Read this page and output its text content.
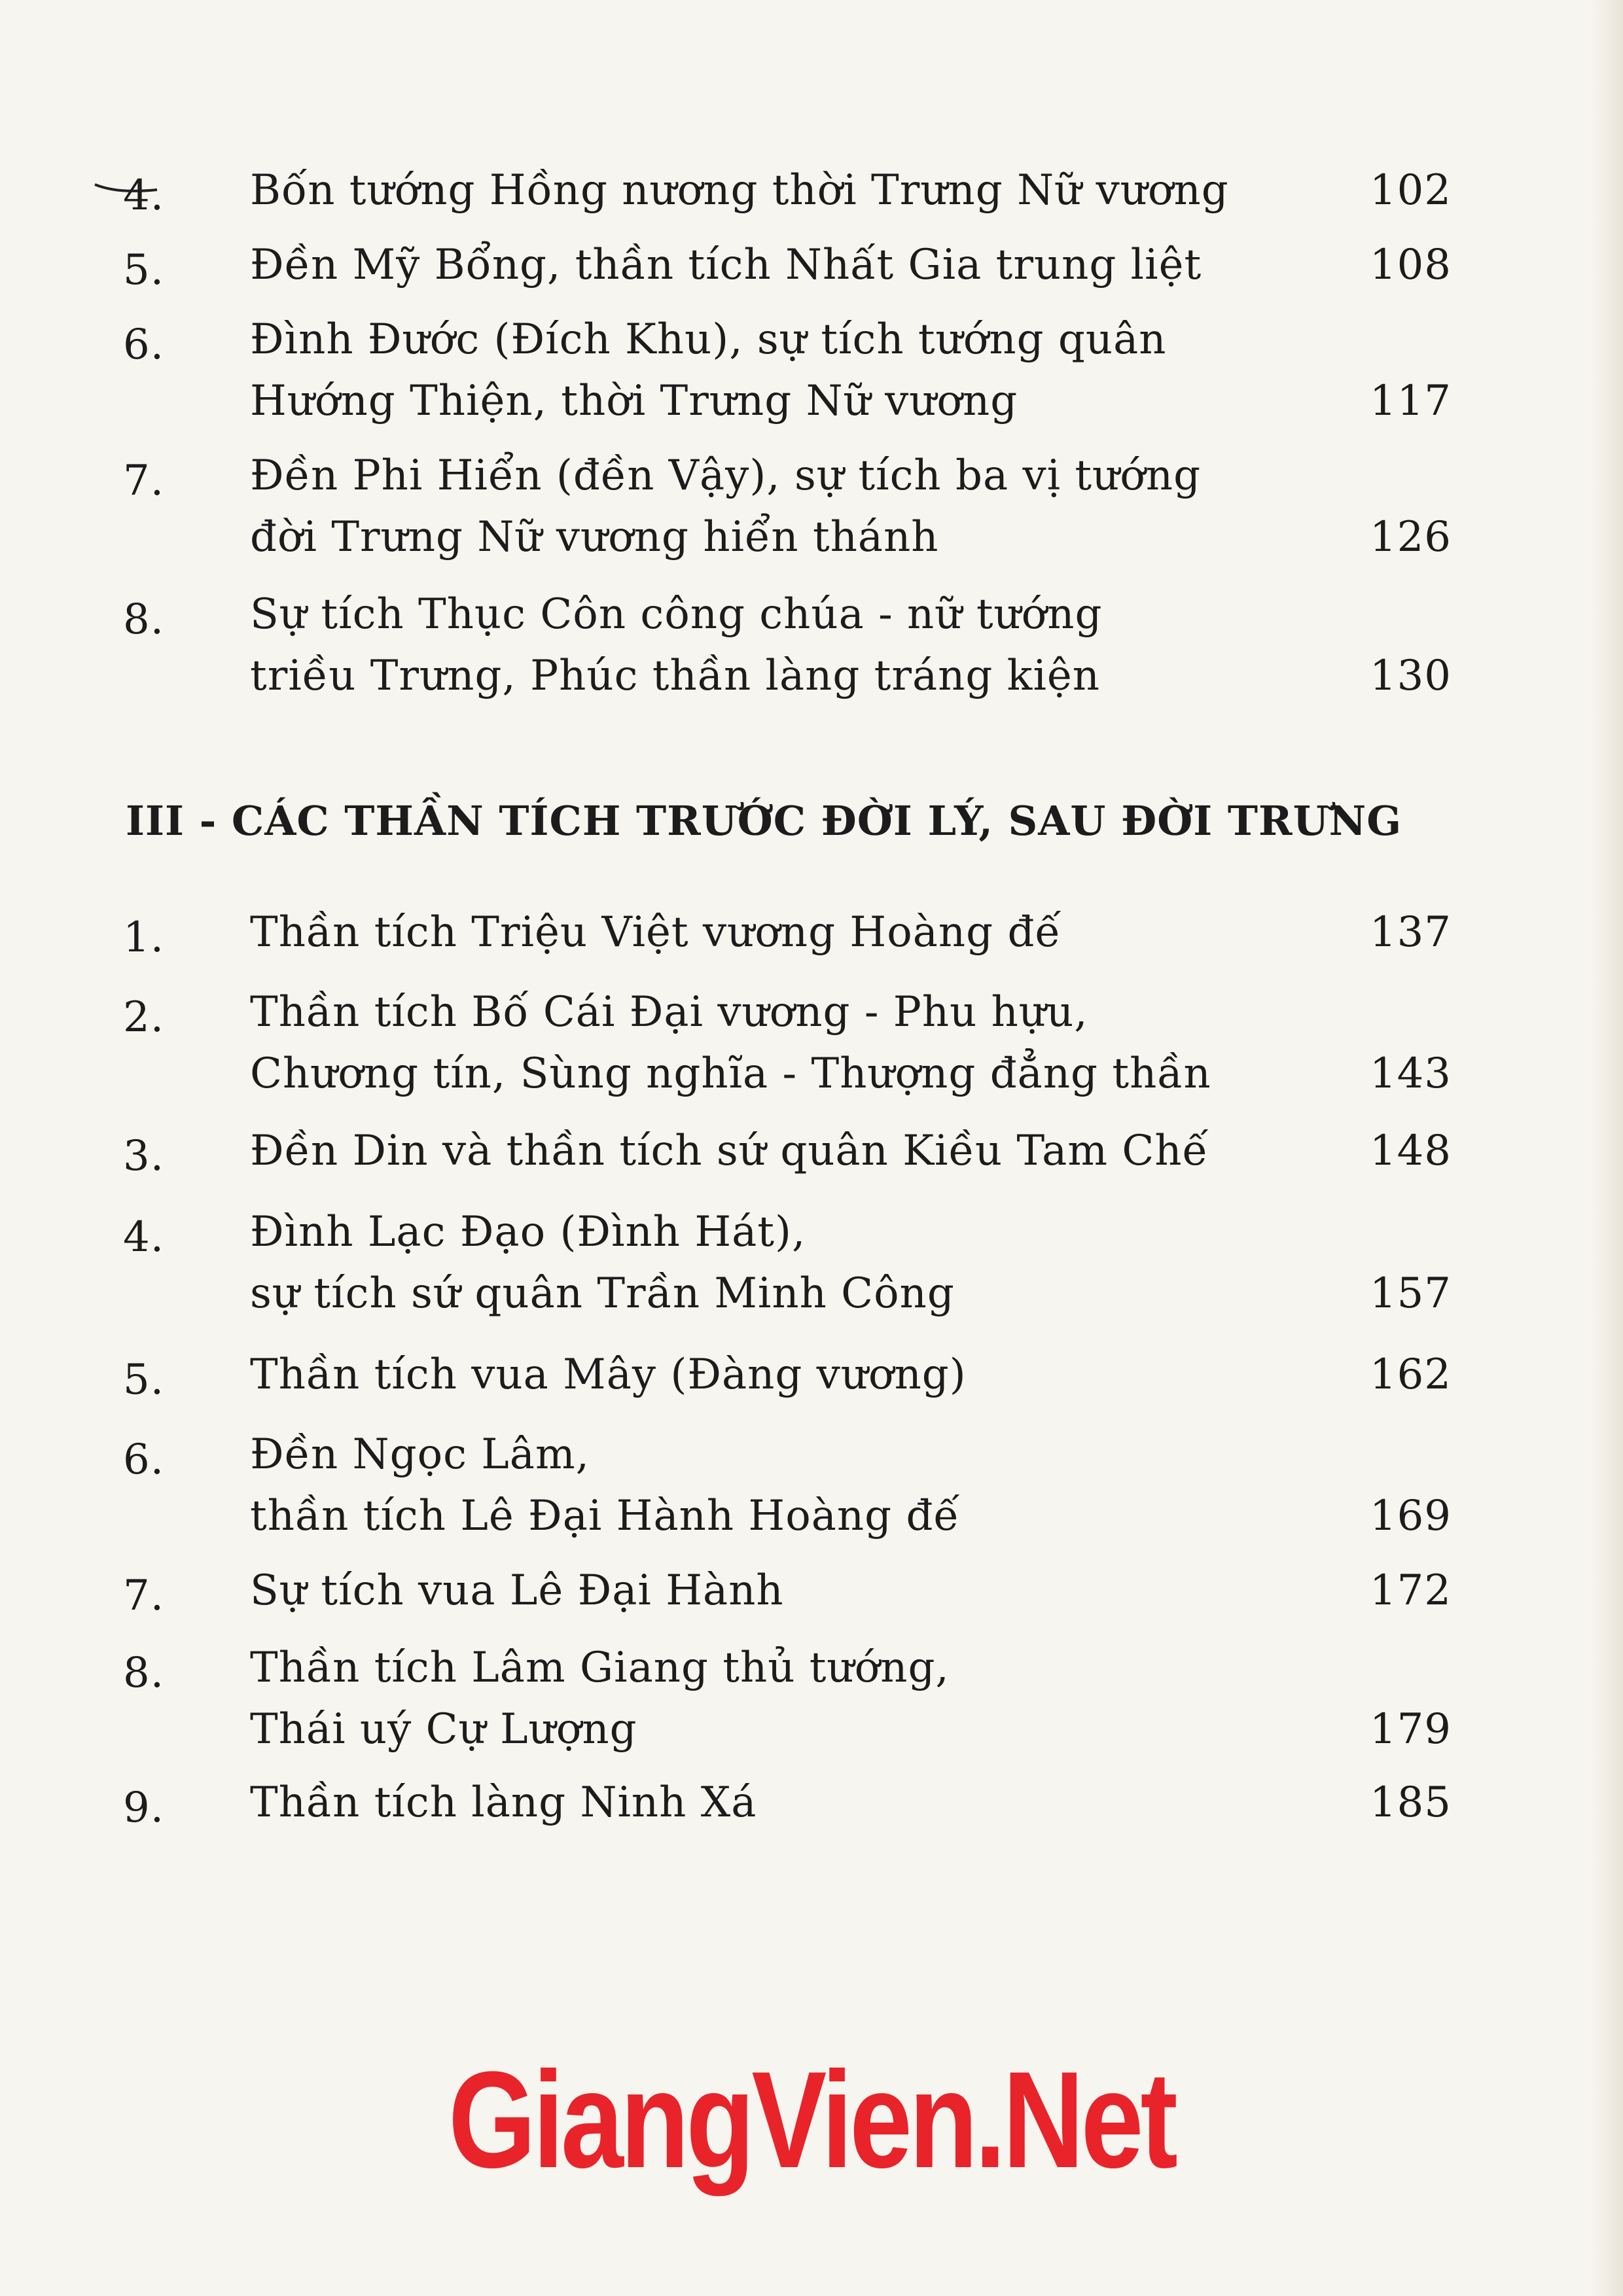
4.	Bốn tướng Hồng nương thời Trưng Nữ vương	102
5.	Đền Mỹ Bổng, thần tích Nhất Gia trung liệt	108
6.	Đình Đước (Đích Khu), sự tích tướng quân
Hướng Thiện, thời Trưng Nữ vương	117
7.	Đền Phi Hiển (đền Vậy), sự tích ba vị tướng
đời Trưng Nữ vương hiển thánh	126
8.	Sự tích Thục Côn công chúa - nữ tướng
triều Trưng, Phúc thần làng tráng kiện	130
III - CÁC THẦN TÍCH TRƯỚC ĐỜI LÝ, SAU ĐỜI TRƯNG
1.	Thần tích Triệu Việt vương Hoàng đế	137
2.	Thần tích Bố Cái Đại vương - Phu hựu,
Chương tín, Sùng nghĩa - Thượng đẳng thần	143
3.	Đền Din và thần tích sứ quân Kiều Tam Chế	148
4.	Đình Lạc Đạo (Đình Hát),
sự tích sứ quân Trần Minh Công	157
5.	Thần tích vua Mây (Đàng vương)	162
6.	Đền Ngọc Lâm,
thần tích Lê Đại Hành Hoàng đế	169
7.	Sự tích vua Lê Đại Hành	172
8.	Thần tích Lâm Giang thủ tướng,
Thái uý Cự Lượng	179
9.	Thần tích làng Ninh Xá	185
GiangVien.Net
